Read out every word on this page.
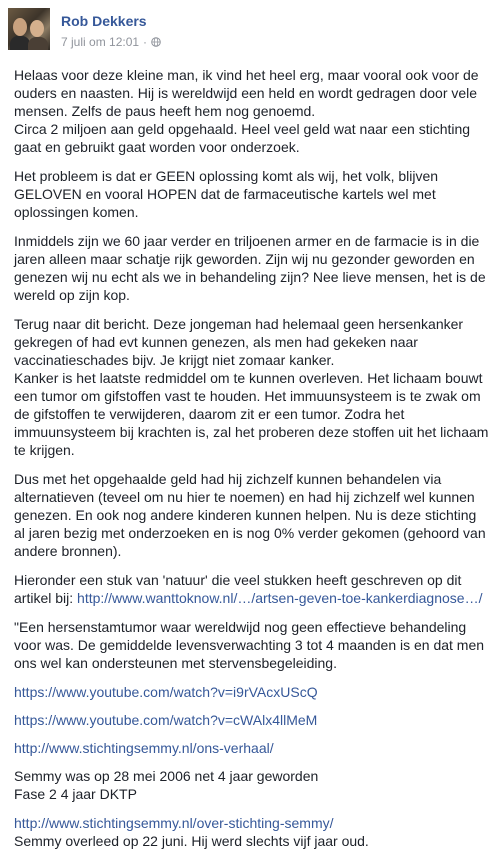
Rob Dekkers
7 juli om 12:01 ·

Helaas voor deze kleine man, ik vind het heel erg, maar vooral ook voor de ouders en naasten. Hij is wereldwijd een held en wordt gedragen door vele mensen. Zelfs de paus heeft hem nog genoemd.
Circa 2 miljoen aan geld opgehaald. Heel veel geld wat naar een stichting gaat en gebruikt gaat worden voor onderzoek.

Het probleem is dat er GEEN oplossing komt als wij, het volk, blijven GELOVEN en vooral HOPEN dat de farmaceutische kartels wel met oplossingen komen.

Inmiddels zijn we 60 jaar verder en triljoenen armer en de farmacie is in die jaren alleen maar schatje rijk geworden. Zijn wij nu gezonder geworden en genezen wij nu echt als we in behandeling zijn? Nee lieve mensen, het is de wereld op zijn kop.

Terug naar dit bericht. Deze jongeman had helemaal geen hersenkanker gekregen of had evt kunnen genezen, als men had gekeken naar vaccinatieschades bijv. Je krijgt niet zomaar kanker.
Kanker is het laatste redmiddel om te kunnen overleven. Het lichaam bouwt een tumor om gifstoffen vast te houden. Het immuunsysteem is te zwak om de gifstoffen te verwijderen, daarom zit er een tumor. Zodra het immuunsysteem bij krachten is, zal het proberen deze stoffen uit het lichaam te krijgen.

Dus met het opgehaalde geld had hij zichzelf kunnen behandelen via alternatieven (teveel om nu hier te noemen) en had hij zichzelf wel kunnen genezen. En ook nog andere kinderen kunnen helpen. Nu is deze stichting al jaren bezig met onderzoeken en is nog 0% verder gekomen (gehoord van andere bronnen).

Hieronder een stuk van 'natuur' die veel stukken heeft geschreven op dit artikel bij: http://www.wanttoknow.nl/…/artsen-geven-toe-kankerdiagnose…/

"Een hersenstamtumor waar wereldwijd nog geen effectieve behandeling voor was. De gemiddelde levensverwachting 3 tot 4 maanden is en dat men ons wel kan ondersteunen met stervensbegeleiding.

https://www.youtube.com/watch?v=i9rVAcxUScQ

https://www.youtube.com/watch?v=cWAlx4llMeM

http://www.stichtingsemmy.nl/ons-verhaal/

Semmy was op 28 mei 2006 net 4 jaar geworden
Fase 2 4 jaar DKTP

http://www.stichtingsemmy.nl/over-stichting-semmy/
Semmy overleed op 22 juni. Hij werd slechts vijf jaar oud.
